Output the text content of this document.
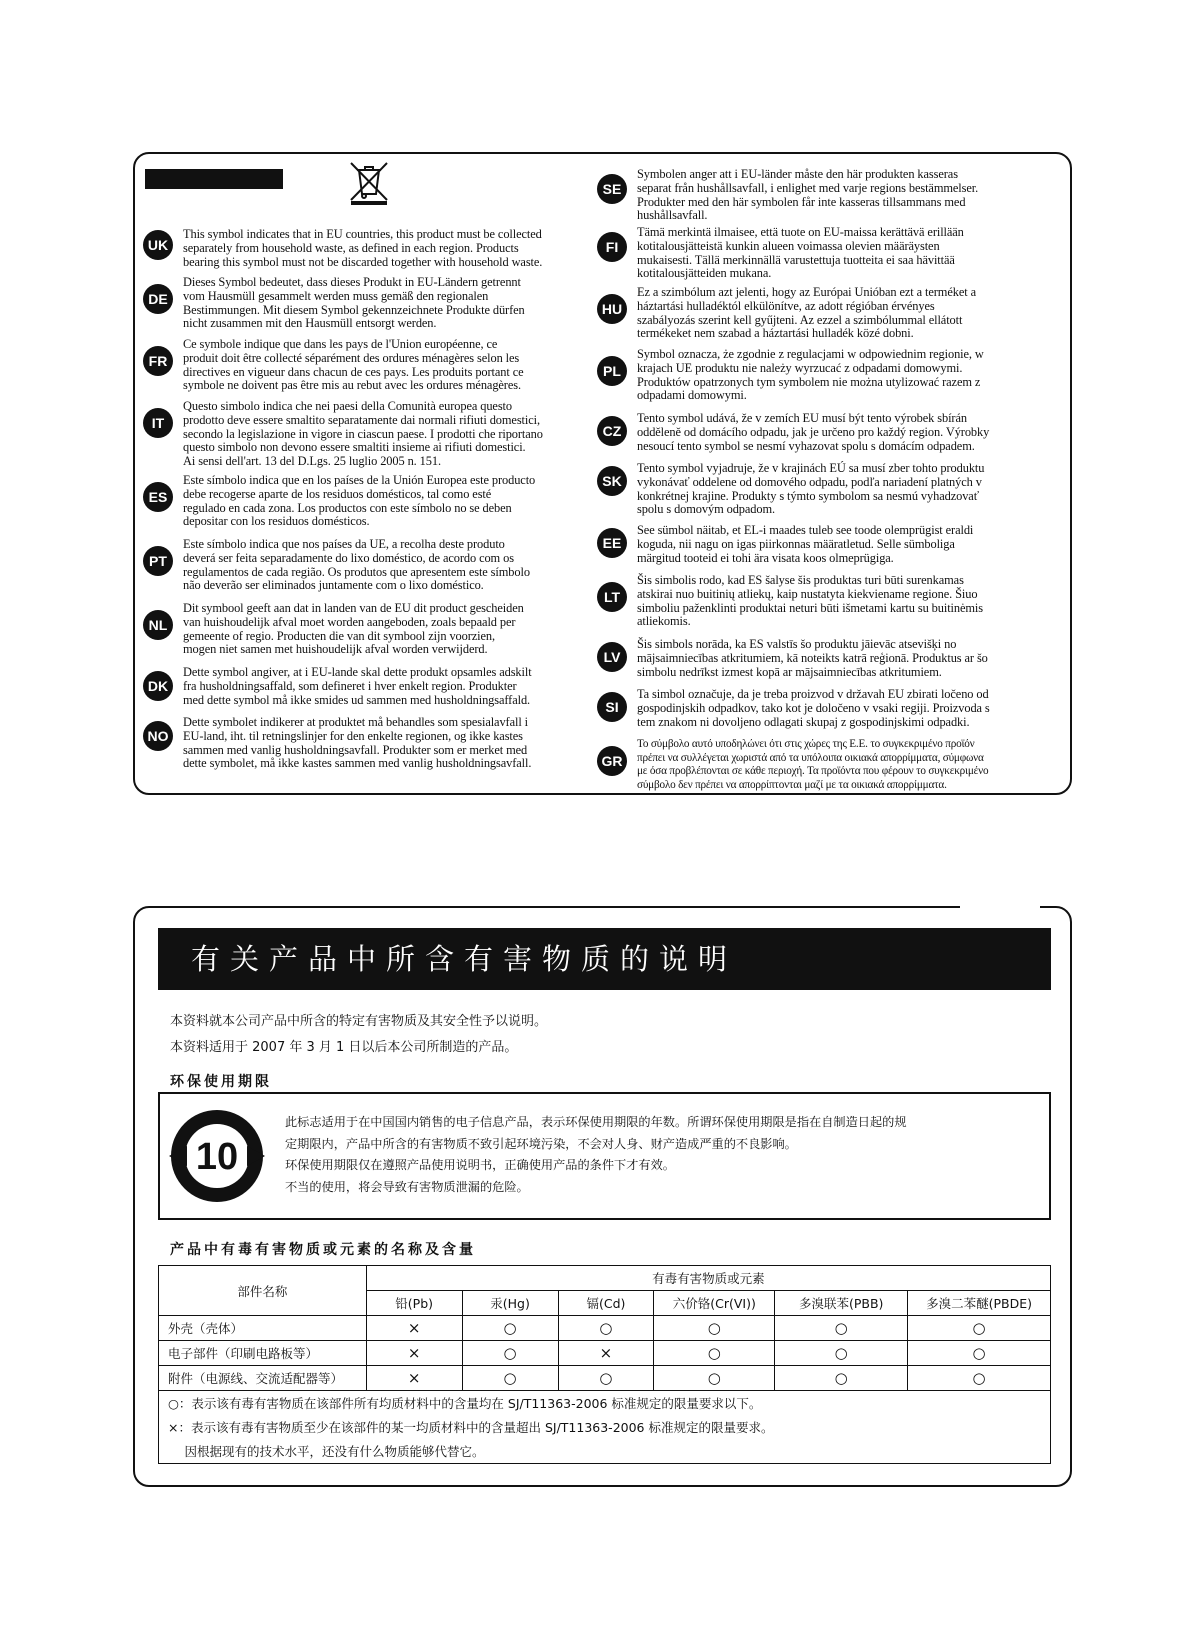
UK
This symbol indicates that in EU countries, this product must be collected
separately from household waste, as defined in each region. Products
bearing this symbol must not be discarded together with household waste.
DE
Dieses Symbol bedeutet, dass dieses Produkt in EU-Ländern getrennt
vom Hausmüll gesammelt werden muss gemäß den regionalen
Bestimmungen. Mit diesem Symbol gekennzeichnete Produkte dürfen
nicht zusammen mit den Hausmüll entsorgt werden.
FR
Ce symbole indique que dans les pays de l'Union européenne, ce
produit doit être collecté séparément des ordures ménagères selon les
directives en vigueur dans chacun de ces pays. Les produits portant ce
symbole ne doivent pas être mis au rebut avec les ordures ménagères.
IT
Questo simbolo indica che nei paesi della Comunità europea questo
prodotto deve essere smaltito separatamente dai normali rifiuti domestici,
secondo la legislazione in vigore in ciascun paese. I prodotti che riportano
questo simbolo non devono essere smaltiti insieme ai rifiuti domestici.
Ai sensi dell'art. 13 del D.Lgs. 25 luglio 2005 n. 151.
ES
Este símbolo indica que en los países de la Unión Europea este producto
debe recogerse aparte de los residuos domésticos, tal como esté
regulado en cada zona. Los productos con este símbolo no se deben
depositar con los residuos domésticos.
PT
Este símbolo indica que nos países da UE, a recolha deste produto
deverá ser feita separadamente do lixo doméstico, de acordo com os
regulamentos de cada região. Os produtos que apresentem este símbolo
não deverão ser eliminados juntamente com o lixo doméstico.
NL
Dit symbool geeft aan dat in landen van de EU dit product gescheiden
van huishoudelijk afval moet worden aangeboden, zoals bepaald per
gemeente of regio. Producten die van dit symbool zijn voorzien,
mogen niet samen met huishoudelijk afval worden verwijderd.
DK
Dette symbol angiver, at i EU-lande skal dette produkt opsamles adskilt
fra husholdningsaffald, som defineret i hver enkelt region. Produkter
med dette symbol må ikke smides ud sammen med husholdningsaffald.
NO
Dette symbolet indikerer at produktet må behandles som spesialavfall i
EU-land, iht. til retningslinjer for den enkelte regionen, og ikke kastes
sammen med vanlig husholdningsavfall. Produkter som er merket med
dette symbolet, må ikke kastes sammen med vanlig husholdningsavfall.
SE
Symbolen anger att i EU-länder måste den här produkten kasseras
separat från hushållsavfall, i enlighet med varje regions bestämmelser.
Produkter med den här symbolen får inte kasseras tillsammans med
hushållsavfall.
FI
Tämä merkintä ilmaisee, että tuote on EU-maissa kerättävä erillään
kotitalousjätteistä kunkin alueen voimassa olevien määräysten
mukaisesti. Tällä merkinnällä varustettuja tuotteita ei saa hävittää
kotitalousjätteiden mukana.
HU
Ez a szimbólum azt jelenti, hogy az Európai Unióban ezt a terméket a
háztartási hulladéktól elkülönítve, az adott régióban érvényes
szabályozás szerint kell gyűjteni. Az ezzel a szimbólummal ellátott
termékeket nem szabad a háztartási hulladék közé dobni.
PL
Symbol oznacza, że zgodnie z regulacjami w odpowiednim regionie, w
krajach UE produktu nie należy wyrzucać z odpadami domowymi.
Produktów opatrzonych tym symbolem nie można utylizować razem z
odpadami domowymi.
CZ
Tento symbol udává, že v zemích EU musí být tento výrobek sbírán
odděleně od domácího odpadu, jak je určeno pro každý region. Výrobky
nesoucí tento symbol se nesmí vyhazovat spolu s domácím odpadem.
SK
Tento symbol vyjadruje, že v krajinách EÚ sa musí zber tohto produktu
vykonávať oddelene od domového odpadu, podľa nariadení platných v
konkrétnej krajine. Produkty s týmto symbolom sa nesmú vyhadzovať
spolu s domovým odpadom.
EE
See sümbol näitab, et EL-i maades tuleb see toode olemprügist eraldi
koguda, nii nagu on igas piirkonnas määratletud. Selle sümboliga
märgitud tooteid ei tohi ära visata koos olmeprügiga.
LT
Šis simbolis rodo, kad ES šalyse šis produktas turi būti surenkamas
atskirai nuo buitinių atliekų, kaip nustatyta kiekviename regione. Šiuo
simboliu paženklinti produktai neturi būti išmetami kartu su buitinėmis
atliekomis.
LV
Šis simbols norāda, ka ES valstīs šo produktu jāievāc atsevišķi no
mājsaimniecības atkritumiem, kā noteikts katrā reģionā. Produktus ar šo
simbolu nedrīkst izmest kopā ar mājsaimniecības atkritumiem.
SI
Ta simbol označuje, da je treba proizvod v državah EU zbirati ločeno od
gospodinjskih odpadkov, tako kot je določeno v vsaki regiji. Proizvoda s
tem znakom ni dovoljeno odlagati skupaj z gospodinjskimi odpadki.
GR
Το σύμβολο αυτό υποδηλώνει ότι στις χώρες της Ε.Ε. το συγκεκριμένο προϊόν
πρέπει να συλλέγεται χωριστά από τα υπόλοιπα οικιακά απορρίμματα, σύμφωνα
με όσα προβλέπονται σε κάθε περιοχή. Τα προϊόντα που φέρουν το συγκεκριμένο
σύμβολο δεν πρέπει να απορρίπτονται μαζί με τα οικιακά απορρίμματα.
有关产品中所含有害物质的说明
本资料就本公司产品中所含的特定有害物质及其安全性予以说明。
本资料适用于 2007 年 3 月 1 日以后本公司所制造的产品。
环保使用期限
10
此标志适用于在中国国内销售的电子信息产品，表示环保使用期限的年数。所谓环保使用期限是指在自制造日起的规
定期限内，产品中所含的有害物质不致引起环境污染，不会对人身、财产造成严重的不良影响。
环保使用期限仅在遵照产品使用说明书，正确使用产品的条件下才有效。
不当的使用，将会导致有害物质泄漏的危险。
产品中有毒有害物质或元素的名称及含量
部件名称	有毒有害物质或元素					
	铅(Pb)	汞(Hg)	镉(Cd)	六价铬(Cr(VI))	多溴联苯(PBB)	多溴二苯醚(PBDE)
外壳（壳体）	×	○	○	○	○	○
电子部件（印刷电路板等）	×	○	×	○	○	○
附件（电源线、交流适配器等）	×	○	○	○	○	○
○：表示该有毒有害物质在该部件所有均质材料中的含量均在 SJ/T11363-2006 标准规定的限量要求以下。						
×：表示该有毒有害物质至少在该部件的某一均质材料中的含量超出 SJ/T11363-2006 标准规定的限量要求。						
　 因根据现有的技术水平，还没有什么物质能够代替它。						
